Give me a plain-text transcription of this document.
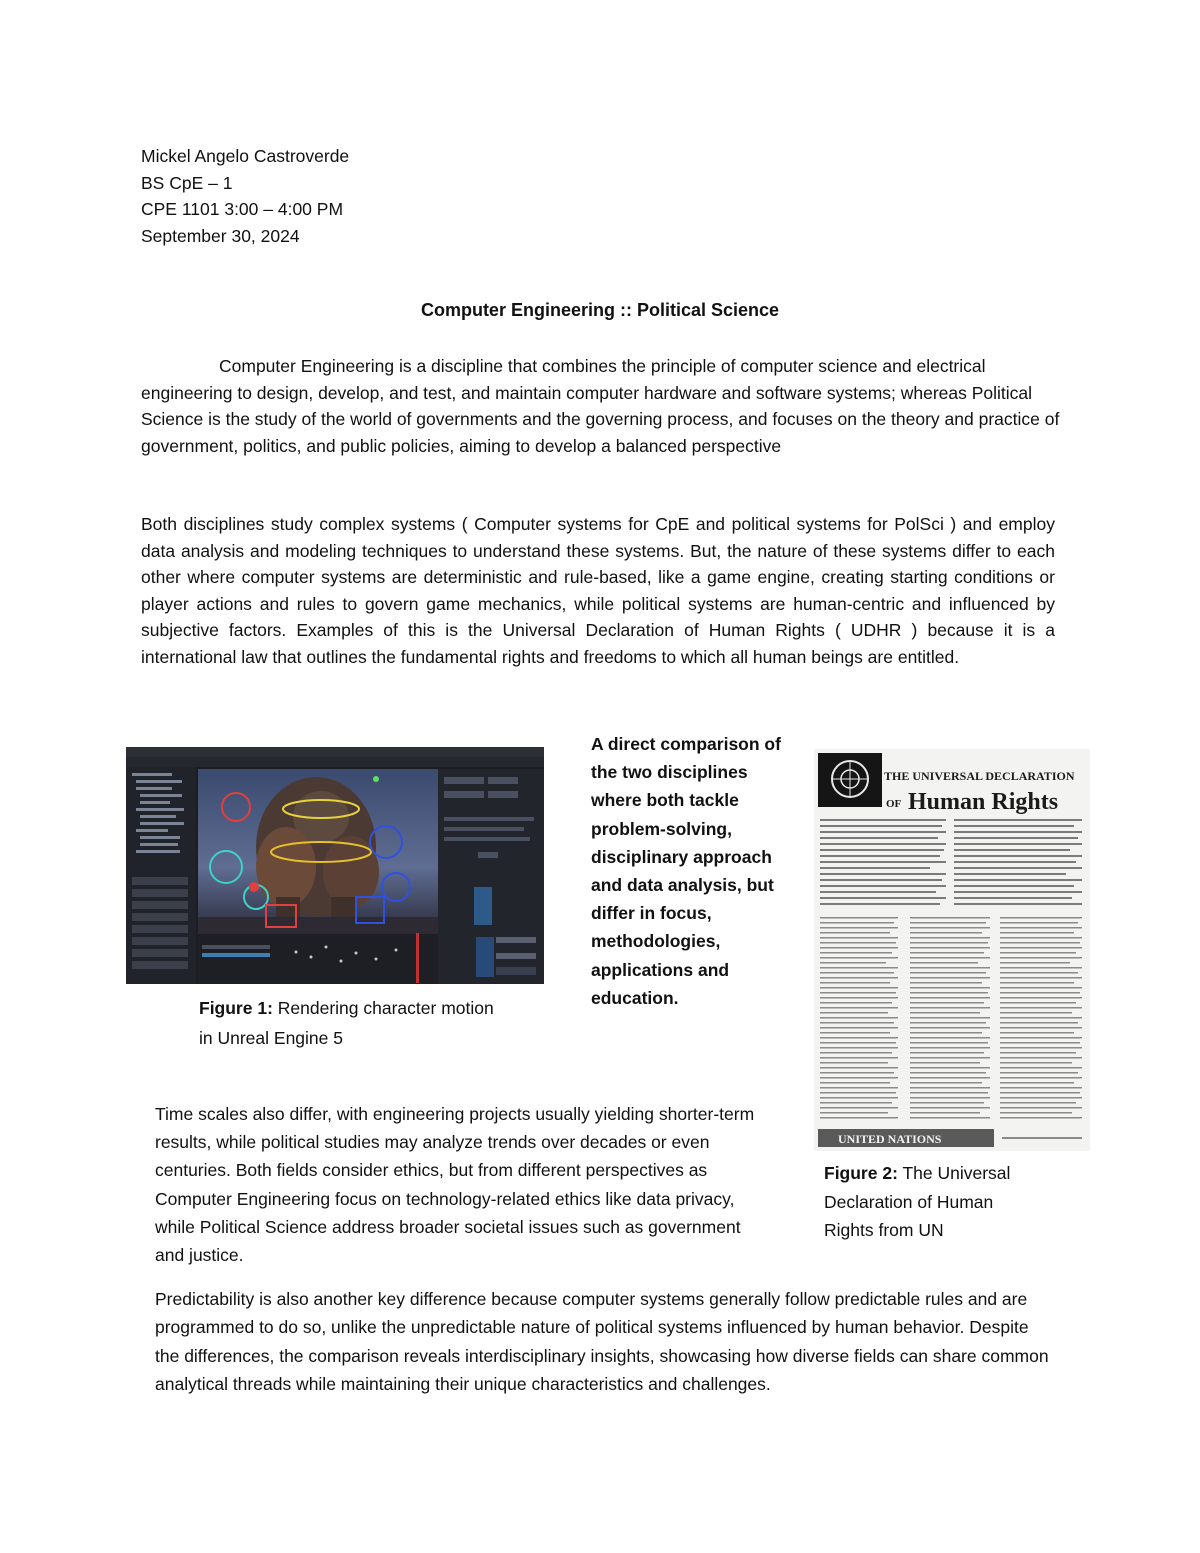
Mickel Angelo Castroverde
BS CpE – 1
CPE 1101 3:00 – 4:00 PM
September 30, 2024
Computer Engineering :: Political Science
Computer Engineering is a discipline that combines the principle of computer science and electrical engineering to design, develop, and test, and maintain computer hardware and software systems; whereas Political Science is the study of the world of governments and the governing process, and focuses on the theory and practice of government, politics, and public policies, aiming to develop a balanced perspective
Both disciplines study complex systems ( Computer systems for CpE and political systems for PolSci ) and employ data analysis and modeling techniques to understand these systems. But, the nature of these systems differ to each other where computer systems are deterministic and rule-based, like a game engine, creating starting conditions or player actions and rules to govern game mechanics, while political systems are human-centric and influenced by subjective factors. Examples of this is the Universal Declaration of Human Rights ( UDHR ) because it is a international law that outlines the fundamental rights and freedoms to which all human beings are entitled.
Figure 1: Rendering character motion in Unreal Engine 5
A direct comparison of the two disciplines where both tackle problem-solving, disciplinary approach and data analysis, but differ in focus, methodologies, applications and education.
THE UNIVERSAL DECLARATION
OF Human Rights
UNITED NATIONS
Figure 2: The Universal Declaration of Human Rights from UN
Time scales also differ, with engineering projects usually yielding shorter-term results, while political studies may analyze trends over decades or even centuries. Both fields consider ethics, but from different perspectives as Computer Engineering focus on technology-related ethics like data privacy, while Political Science address broader societal issues such as government and justice.
Predictability is also another key difference because computer systems generally follow predictable rules and are programmed to do so, unlike the unpredictable nature of political systems influenced by human behavior. Despite the differences, the comparison reveals interdisciplinary insights, showcasing how diverse fields can share common analytical threads while maintaining their unique characteristics and challenges.
